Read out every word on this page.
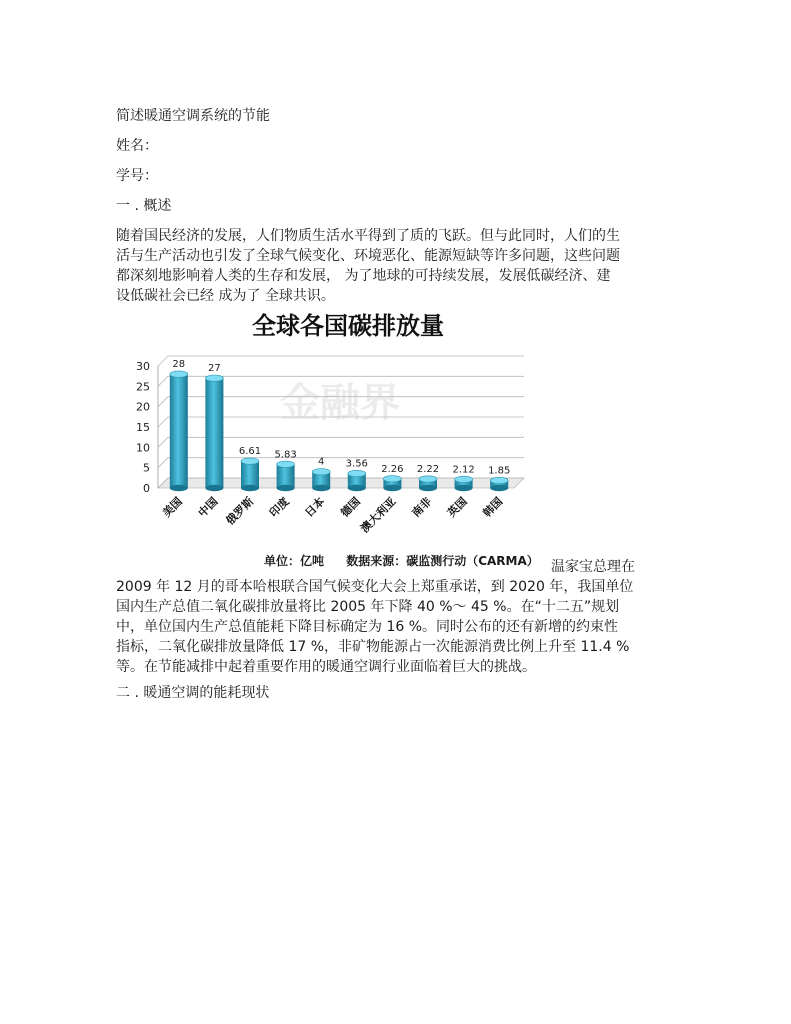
简述暖通空调系统的节能
姓名：
学号：
一 . 概述
随着国民经济的发展，人们物质生活水平得到了质的飞跃。但与此同时，人们的生
活与生产活动也引发了全球气候变化、环境恶化、能源短缺等许多问题，这些问题
都深刻地影响着人类的生存和发展， 为了地球的可持续发展，发展低碳经济、建
设低碳社会已经 成为了 全球共识。
全球各国碳排放量
0
5
10
15
20
25
30
金融界
28
美国
27
中国
6.61
俄罗斯
5.83
印度
4
日本
3.56
德国
2.26
澳大利亚
2.22
南非
2.12
英国
1.85
韩国
单位：亿吨 数据来源：碳监测行动（CARMA） 温家宝总理在
2009 年 12 月的哥本哈根联合国气候变化大会上郑重承诺，到 2020 年，我国单位
国内生产总值二氧化碳排放量将比 2005 年下降 40 %～ 45 %。在“十二五”规划
中，单位国内生产总值能耗下降目标确定为 16 %。同时公布的还有新增的约束性
指标，二氧化碳排放量降低 17 %，非矿物能源占一次能源消费比例上升至 11.4 %
等。在节能减排中起着重要作用的暖通空调行业面临着巨大的挑战。
二 . 暖通空调的能耗现状
